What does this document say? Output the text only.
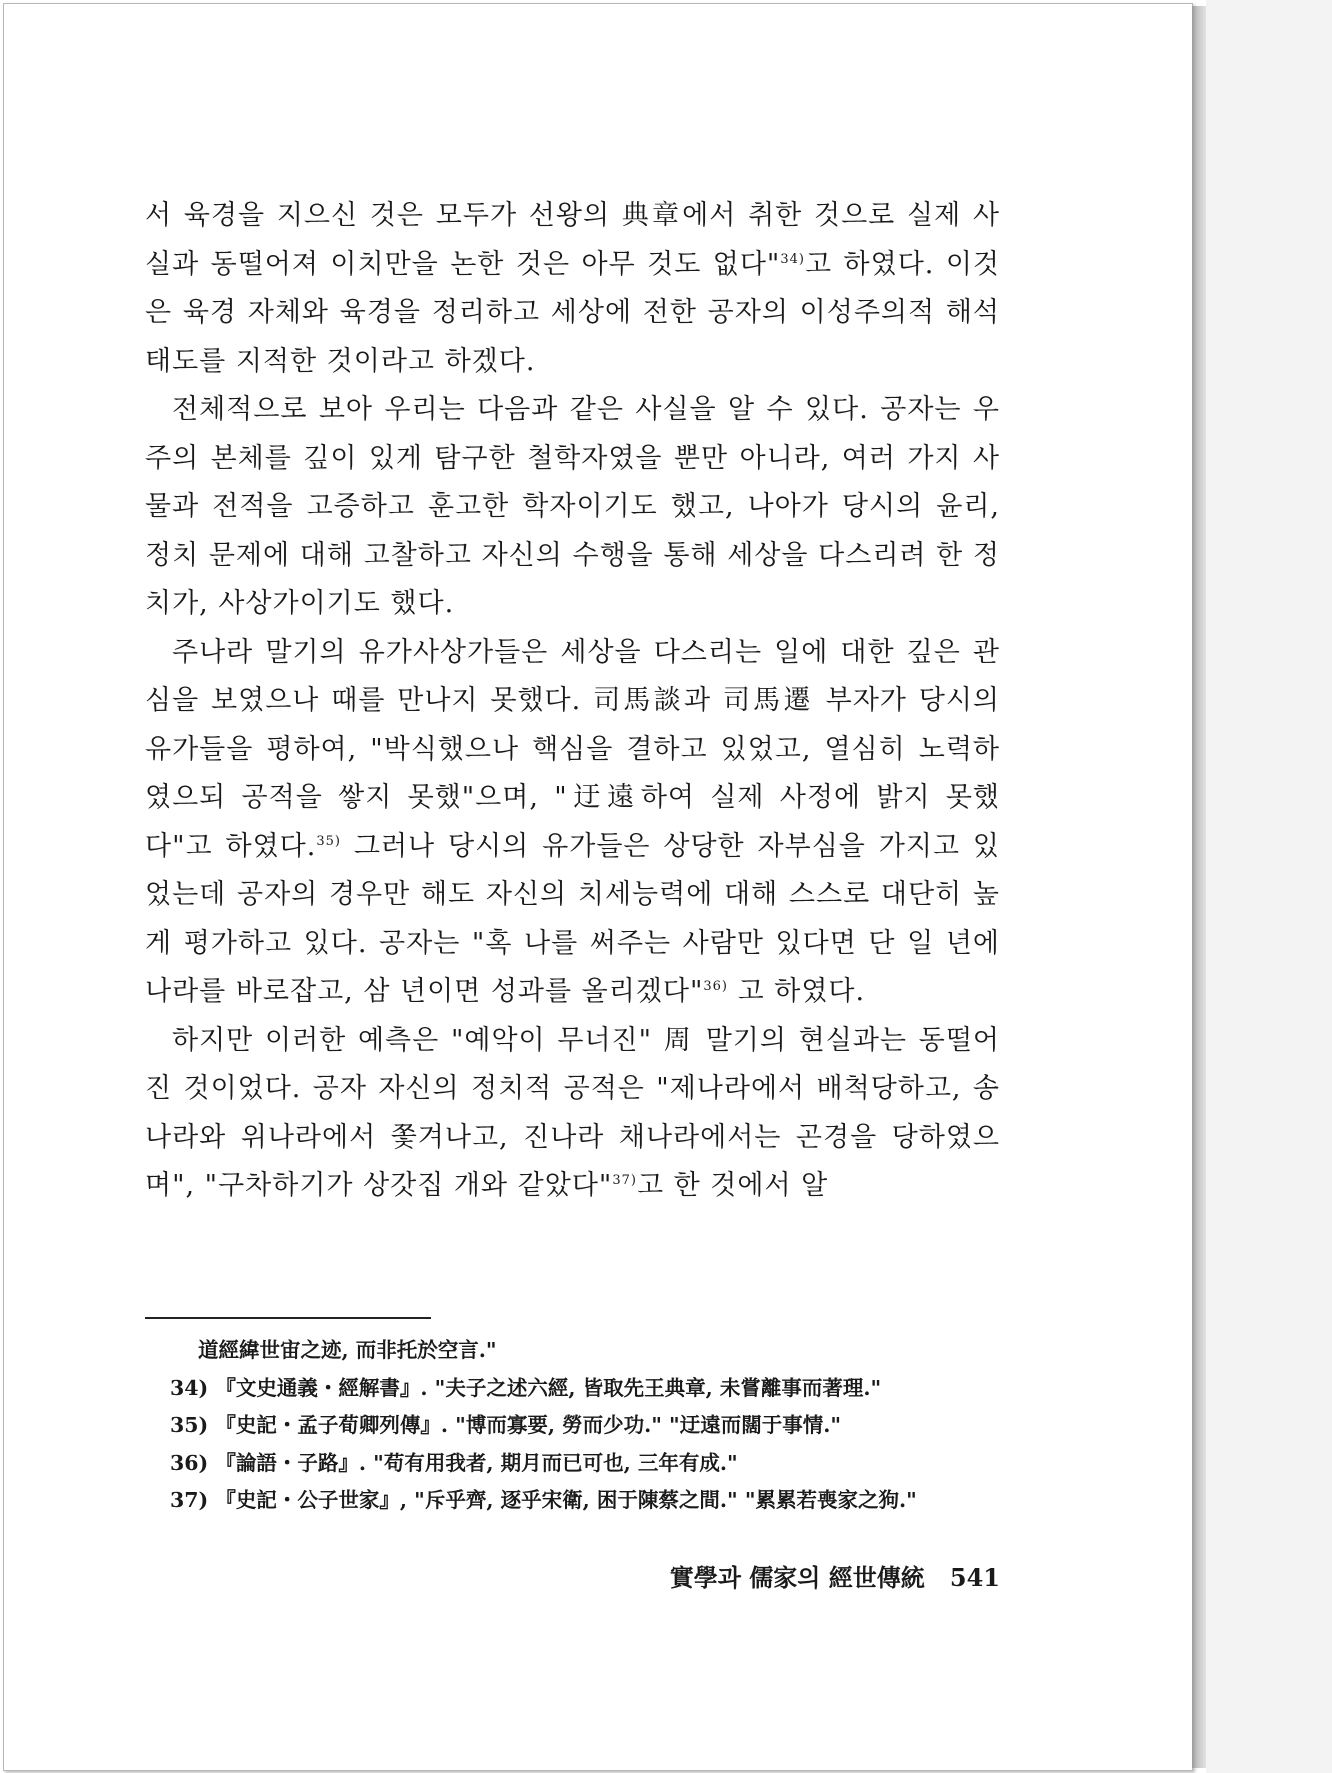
서 육경을 지으신 것은 모두가 선왕의 典章에서 취한 것으로 실제 사실과 동떨어져 이치만을 논한 것은 아무 것도 없다"$^{34)}$고 하였다. 이것은 육경 자체와 육경을 정리하고 세상에 전한 공자의 이성주의적 해석태도를 지적한 것이라고 하겠다.

전체적으로 보아 우리는 다음과 같은 사실을 알 수 있다. 공자는 우주의 본체를 깊이 있게 탐구한 철학자였을 뿐만 아니라, 여러 가지 사물과 전적을 고증하고 훈고한 학자이기도 했고, 나아가 당시의 윤리, 정치 문제에 대해 고찰하고 자신의 수행을 통해 세상을 다스리려 한 정치가, 사상가이기도 했다.

주나라 말기의 유가사상가들은 세상을 다스리는 일에 대한 깊은 관심을 보였으나 때를 만나지 못했다. 司馬談과 司馬遷 부자가 당시의 유가들을 평하여, "박식했으나 핵심을 결하고 있었고, 열심히 노력하였으되 공적을 쌓지 못했"으며, "迂遠하여 실제 사정에 밝지 못했다"고 하였다.$^{35)}$ 그러나 당시의 유가들은 상당한 자부심을 가지고 있었는데 공자의 경우만 해도 자신의 치세능력에 대해 스스로 대단히 높게 평가하고 있다. 공자는 "혹 나를 써주는 사람만 있다면 단 일 년에 나라를 바로잡고, 삼 년이면 성과를 올리겠다"$^{36)}$ 고 하였다.

하지만 이러한 예측은 "예악이 무너진" 周 말기의 현실과는 동떨어진 것이었다. 공자 자신의 정치적 공적은 "제나라에서 배척당하고, 송나라와 위나라에서 쫓겨나고, 진나라 채나라에서는 곤경을 당하였으며", "구차하기가 상갓집 개와 같았다"$^{37)}$고 한 것에서 알

道經緯世宙之迹, 而非托於空言."
34) 『文史通義・經解書』. "夫子之述六經, 皆取先王典章, 未嘗離事而著理."
35) 『史記・孟子荀卿列傳』. "博而寡要, 勞而少功." "迂遠而闊于事情."
36) 『論語・子路』. "苟有用我者, 期月而已可也, 三年有成."
37) 『史記・公子世家』, "斥乎齊, 逐乎宋衛, 困于陳蔡之間." "累累若喪家之狗."
實學과 儒家의 經世傳統 541
